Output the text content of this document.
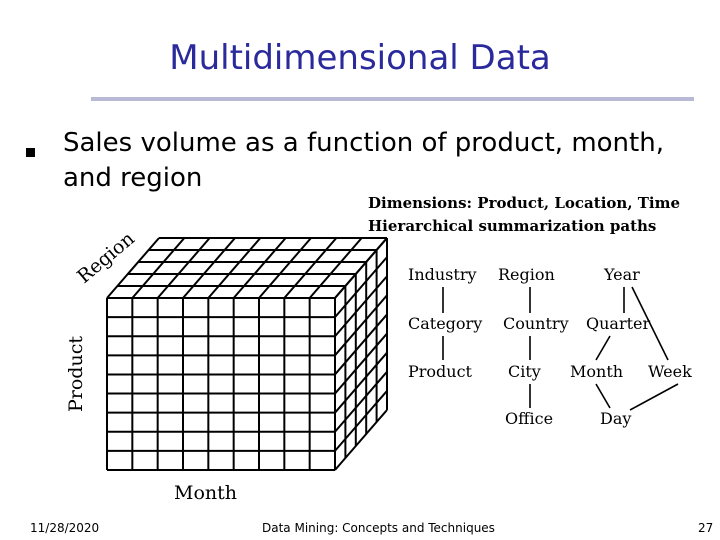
Multidimensional Data
Sales volume as a function of product, month, and region
Dimensions: Product, Location, Time
Hierarchical summarization paths
Region
Product
Month
Industry
Category
Product
Region
Country
City
Office
Year
Quarter
Month Week
Day
11/28/2020	Data Mining: Concepts and Techniques	27
